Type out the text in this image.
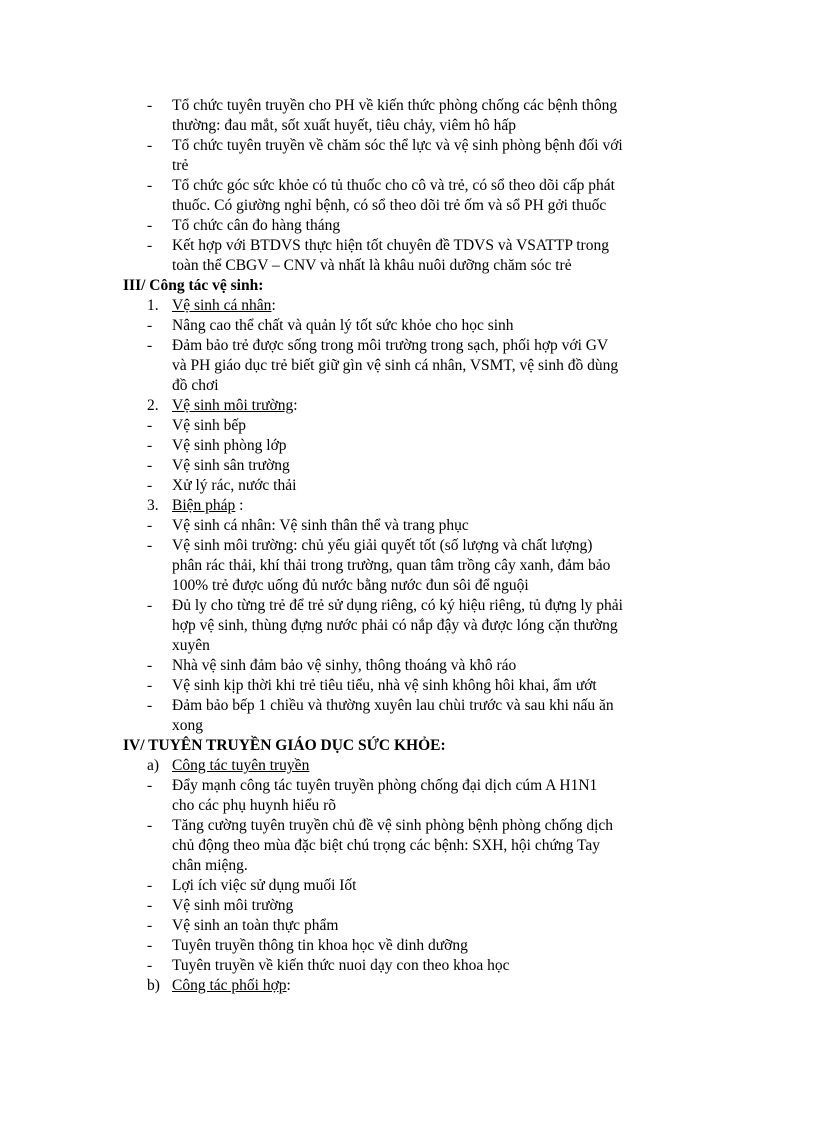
- Tổ chức tuyên truyền cho PH về kiến thức phòng chống các bệnh thông
thường: đau mắt, sốt xuất huyết, tiêu chảy, viêm hô hấp
- Tổ chức tuyên truyền về chăm sóc thể lực và vệ sinh phòng bệnh đối với
trẻ
- Tổ chức góc sức khỏe có tủ thuốc cho cô và trẻ, có sổ theo dõi cấp phát
thuốc. Có giường nghỉ bệnh, có sổ theo dõi trẻ ốm và sổ PH gởi thuốc
- Tổ chức cân đo hàng tháng
- Kết hợp với BTDVS thực hiện tốt chuyên đề TDVS và VSATTP trong
toàn thể CBGV – CNV và nhất là khâu nuôi dưỡng chăm sóc trẻ
III/ Công tác vệ sinh:
1. Vệ sinh cá nhân:
- Nâng cao thể chất và quản lý tốt sức khỏe cho học sinh
- Đảm bảo trẻ được sống trong môi trường trong sạch, phối hợp với GV
và PH giáo dục trẻ biết giữ gìn vệ sinh cá nhân, VSMT, vệ sinh đồ dùng
đồ chơi
2. Vệ sinh môi trường:
- Vệ sinh bếp
- Vệ sinh phòng lớp
- Vệ sinh sân trường
- Xử lý rác, nước thải
3. Biện pháp :
- Vệ sinh cá nhân: Vệ sinh thân thể và trang phục
- Vệ sinh môi trường: chủ yếu giải quyết tốt (số lượng và chất lượng)
phân rác thải, khí thải trong trường, quan tâm trồng cây xanh, đảm bảo
100% trẻ được uống đủ nước bằng nước đun sôi để nguội
- Đủ ly cho từng trẻ để trẻ sử dụng riêng, có ký hiệu riêng, tủ đựng ly phải
hợp vệ sinh, thùng đựng nước phải có nắp đậy và được lóng cặn thường
xuyên
- Nhà vệ sinh đảm bảo vệ sinhy, thông thoáng và khô ráo
- Vệ sinh kịp thời khi trẻ tiêu tiểu, nhà vệ sinh không hôi khai, ẩm ướt
- Đảm bảo bếp 1 chiều và thường xuyên lau chùi trước và sau khi nấu ăn
xong
IV/ TUYÊN TRUYỀN GIÁO DỤC SỨC KHỎE:
a) Công tác tuyên truyền
- Đẩy mạnh công tác tuyên truyền phòng chống đại dịch cúm A H1N1
cho các phụ huynh hiểu rõ
- Tăng cường tuyên truyền chủ đề vệ sinh phòng bệnh phòng chống dịch
chủ động theo mùa đặc biệt chú trọng các bệnh: SXH, hội chứng Tay
chân miệng.
- Lợi ích việc sử dụng muối Iốt
- Vệ sinh môi trường
- Vệ sinh an toàn thực phẩm
- Tuyên truyền thông tin khoa học về dinh dưỡng
- Tuyên truyền về kiến thức nuoi dạy con theo khoa học
b) Công tác phối hợp:
